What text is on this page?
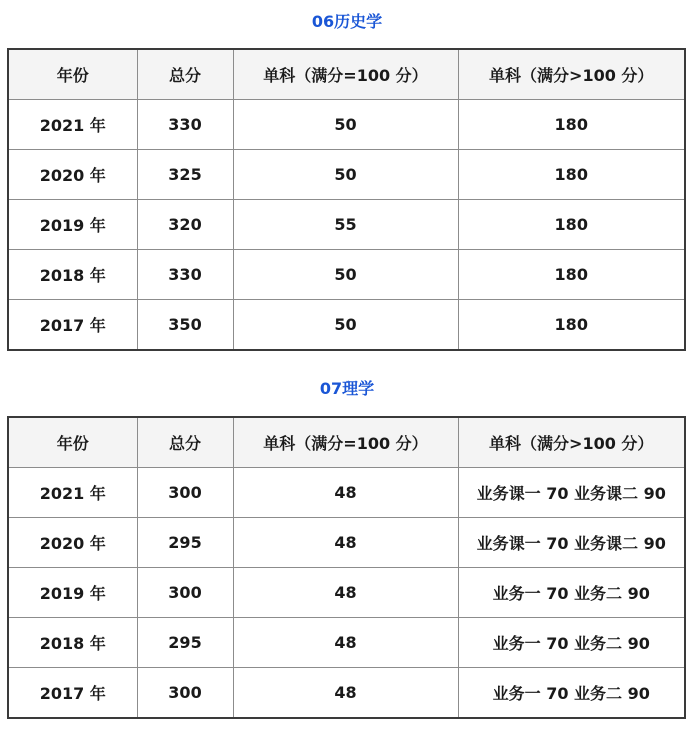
06历史学
年份	总分	单科（满分=100 分）	单科（满分>100 分）
2021 年	330	50	180
2020 年	325	50	180
2019 年	320	55	180
2018 年	330	50	180
2017 年	350	50	180
07理学
年份	总分	单科（满分=100 分）	单科（满分>100 分）
2021 年	300	48	业务课一 70 业务课二 90
2020 年	295	48	业务课一 70 业务课二 90
2019 年	300	48	业务一 70 业务二 90
2018 年	295	48	业务一 70 业务二 90
2017 年	300	48	业务一 70 业务二 90
